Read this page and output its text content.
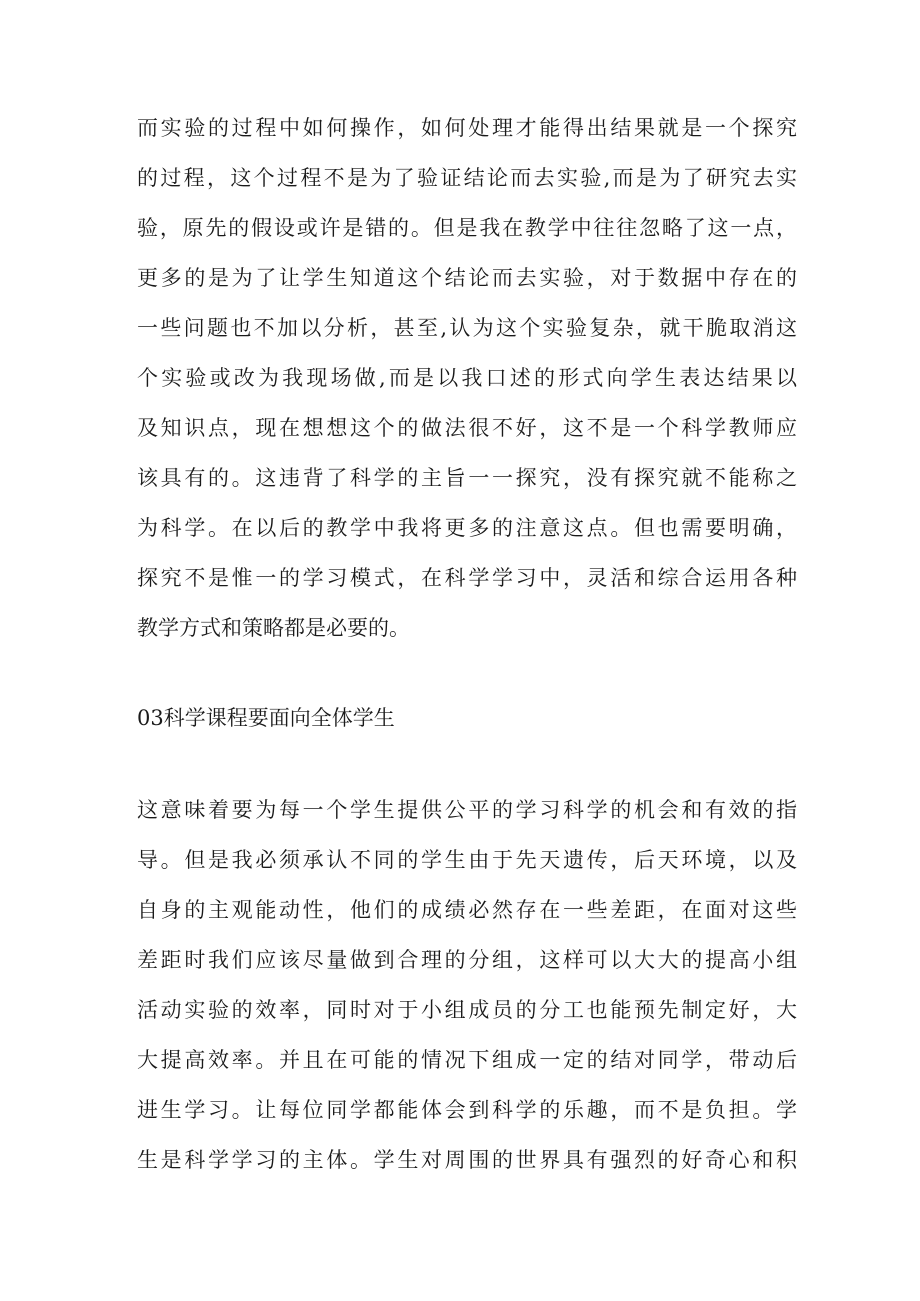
而实验的过程中如何操作，如何处理才能得出结果就是一个探究
的过程，这个过程不是为了验证结论而去实验,而是为了研究去实
验，原先的假设或许是错的。但是我在教学中往往忽略了这一点，
更多的是为了让学生知道这个结论而去实验，对于数据中存在的
一些问题也不加以分析，甚至,认为这个实验复杂，就干脆取消这
个实验或改为我现场做,而是以我口述的形式向学生表达结果以
及知识点，现在想想这个的做法很不好，这不是一个科学教师应
该具有的。这违背了科学的主旨一一探究，没有探究就不能称之
为科学。在以后的教学中我将更多的注意这点。但也需要明确，
探究不是惟一的学习模式，在科学学习中，灵活和综合运用各种
教学方式和策略都是必要的。
03科学课程要面向全体学生
这意味着要为每一个学生提供公平的学习科学的机会和有效的指
导。但是我必须承认不同的学生由于先天遗传，后天环境，以及
自身的主观能动性，他们的成绩必然存在一些差距，在面对这些
差距时我们应该尽量做到合理的分组，这样可以大大的提高小组
活动实验的效率，同时对于小组成员的分工也能预先制定好，大
大提高效率。并且在可能的情况下组成一定的结对同学，带动后
进生学习。让每位同学都能体会到科学的乐趣，而不是负担。学
生是科学学习的主体。学生对周围的世界具有强烈的好奇心和积
